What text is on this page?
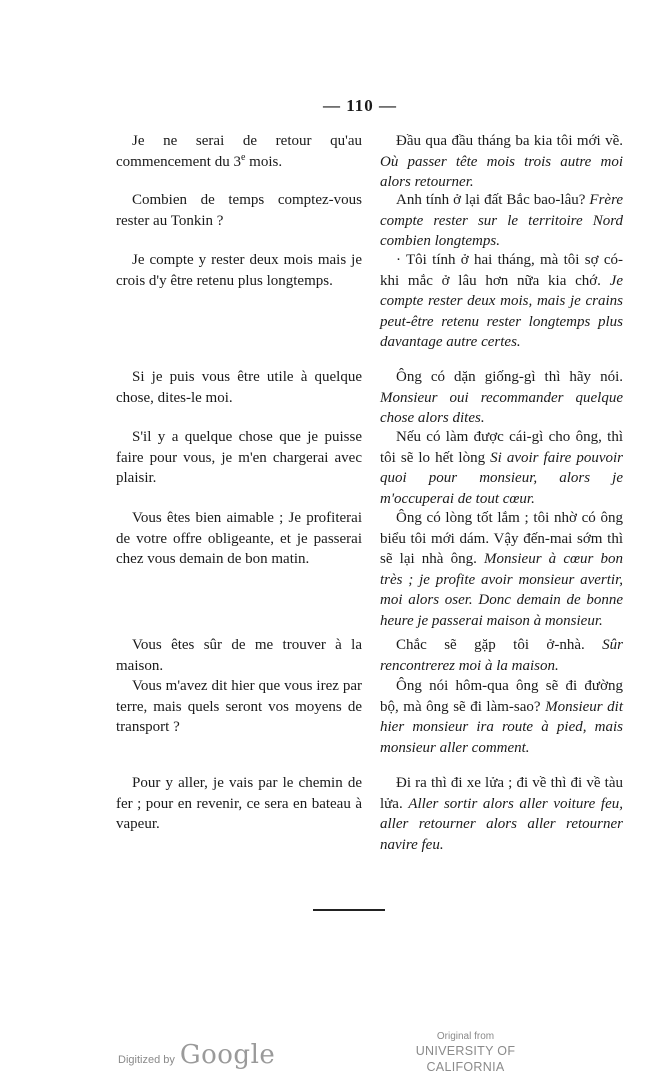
— 110 —

Je ne serai de retour qu'au commencement du 3e mois.

Combien de temps comptez-vous rester au Tonkin ?

Je compte y rester deux mois mais je crois d'y être retenu plus longtemps.

Si je puis vous être utile à quelque chose, dites-le moi.

S'il y a quelque chose que je puisse faire pour vous, je m'en chargerai avec plaisir.

Vous êtes bien aimable ; Je profiterai de votre offre obligeante, et je passerai chez vous demain de bon matin.

Vous êtes sûr de me trouver à la maison.

Vous m'avez dit hier que vous irez par terre, mais quels seront vos moyens de transport ?

Pour y aller, je vais par le chemin de fer ; pour en revenir, ce sera en bateau à vapeur.

Đầu qua đầu tháng ba kia tôi mới về. Où passer tête mois trois autre moi alors retourner.

Anh tính ở lại đất Bắc bao-lâu? Frère compte rester sur le territoire Nord combien longtemps.

· Tôi tính ở hai tháng, mà tôi sợ có-khi mắc ở lâu hơn nữa kia chớ. Je compte rester deux mois, mais je crains peut-être retenu rester longtemps plus davantage autre certes.

Ông có dặn giống-gì thì hãy nói. Monsieur oui recommander quelque chose alors dites.

Nếu có làm được cái-gì cho ông, thì tôi sẽ lo hết lòng Si avoir faire pouvoir quoi pour monsieur, alors je m'occuperai de tout cœur.

Ông có lòng tốt lắm ; tôi nhờ có ông biểu tôi mới dám. Vậy đến-mai sớm thì sẽ lại nhà ông. Monsieur à cœur bon très ; je profite avoir monsieur avertir, moi alors oser. Donc demain de bonne heure je passerai maison à monsieur.

Chắc sẽ gặp tôi ở-nhà. Sûr rencontrerez moi à la maison.

Ông nói hôm-qua ông sẽ đi đường bộ, mà ông sẽ đi làm-sao? Monsieur dit hier monsieur ira route à pied, mais monsieur aller comment.

Đi ra thì đi xe lửa ; đi về thì đi về tàu lửa. Aller sortir alors aller voiture feu, aller retourner alors aller retourner navire feu.

Digitized by Google
Original from
UNIVERSITY OF CALIFORNIA
